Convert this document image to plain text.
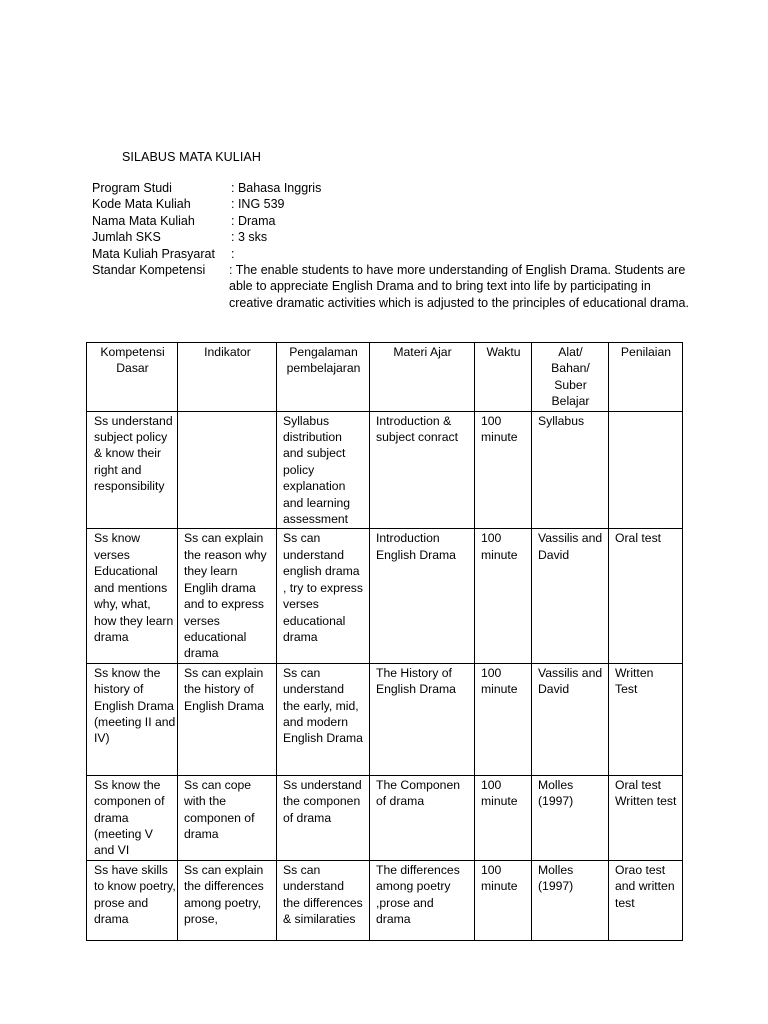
SILABUS MATA KULIAH
Program Studi	: Bahasa Inggris
Kode Mata Kuliah	: ING 539
Nama Mata Kuliah	: Drama
Jumlah SKS	: 3 sks
Mata Kuliah Prasyarat	:
Standar Kompetensi	: The enable students to have more understanding of English Drama. Students are able to appreciate English Drama and to bring text into life by participating in creative dramatic activities which is adjusted to the principles of educational drama.
Kompetensi Dasar	Indikator	Pengalaman pembelajaran	Materi Ajar	Waktu	Alat/ Bahan/ Suber Belajar	Penilaian
Ss understand subject policy & know their right and responsibility		Syllabus distribution and subject policy explanation and learning assessment	Introduction & subject conract	100 minute	Syllabus	
Ss know verses Educational and mentions why, what, how they learn drama	Ss can explain the reason why they learn Englih drama and to express verses educational drama	Ss can understand english drama , try to express verses educational drama	Introduction English Drama	100 minute	Vassilis and David	Oral test
Ss know the history of English Drama (meeting II and IV)	Ss can explain the history of English Drama	Ss can understand the early, mid, and modern English Drama	The History of English Drama	100 minute	Vassilis and David	Written Test
Ss know the componen of drama (meeting V and VI	Ss can cope with the componen of drama	Ss understand the componen of drama	The Componen of drama	100 minute	Molles (1997)	Oral test Written test
Ss have skills to know poetry, prose and drama	Ss can explain the differences among poetry, prose,	Ss can understand the differences & similaraties	The differences among poetry ,prose and drama	100 minute	Molles (1997)	Orao test and written test
